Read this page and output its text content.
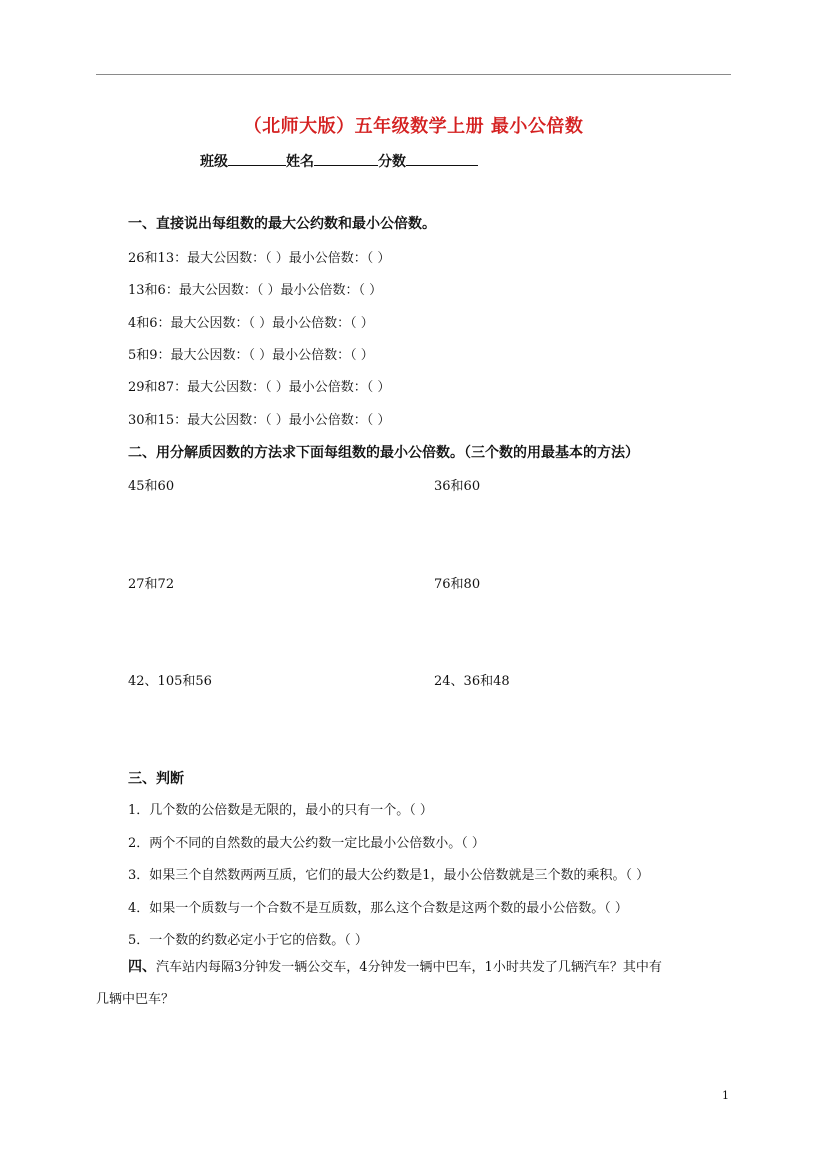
（北师大版）五年级数学上册 最小公倍数
班级	姓名	分数
一、直接说出每组数的最大公约数和最小公倍数。
26和13：最大公因数：（ ）最小公倍数：（ ）
13和6：最大公因数：（ ）最小公倍数：（ ）
4和6：最大公因数：（ ）最小公倍数：（ ）
5和9：最大公因数：（ ）最小公倍数：（ ）
29和87：最大公因数：（ ）最小公倍数：（ ）
30和15：最大公因数：（ ）最小公倍数：（ ）
二、用分解质因数的方法求下面每组数的最小公倍数。（三个数的用最基本的方法）
45和60	36和60
27和72	76和80
42、105和56	24、36和48
三、判断
1．几个数的公倍数是无限的，最小的只有一个。（ ）
2．两个不同的自然数的最大公约数一定比最小公倍数小。（ ）
3．如果三个自然数两两互质，它们的最大公约数是1，最小公倍数就是三个数的乘积。（ ）
4．如果一个质数与一个合数不是互质数，那么这个合数是这两个数的最小公倍数。（ ）
5．一个数的约数必定小于它的倍数。（ ）
四、汽车站内每隔3分钟发一辆公交车，4分钟发一辆中巴车，1小时共发了几辆汽车？其中有
几辆中巴车？
1
